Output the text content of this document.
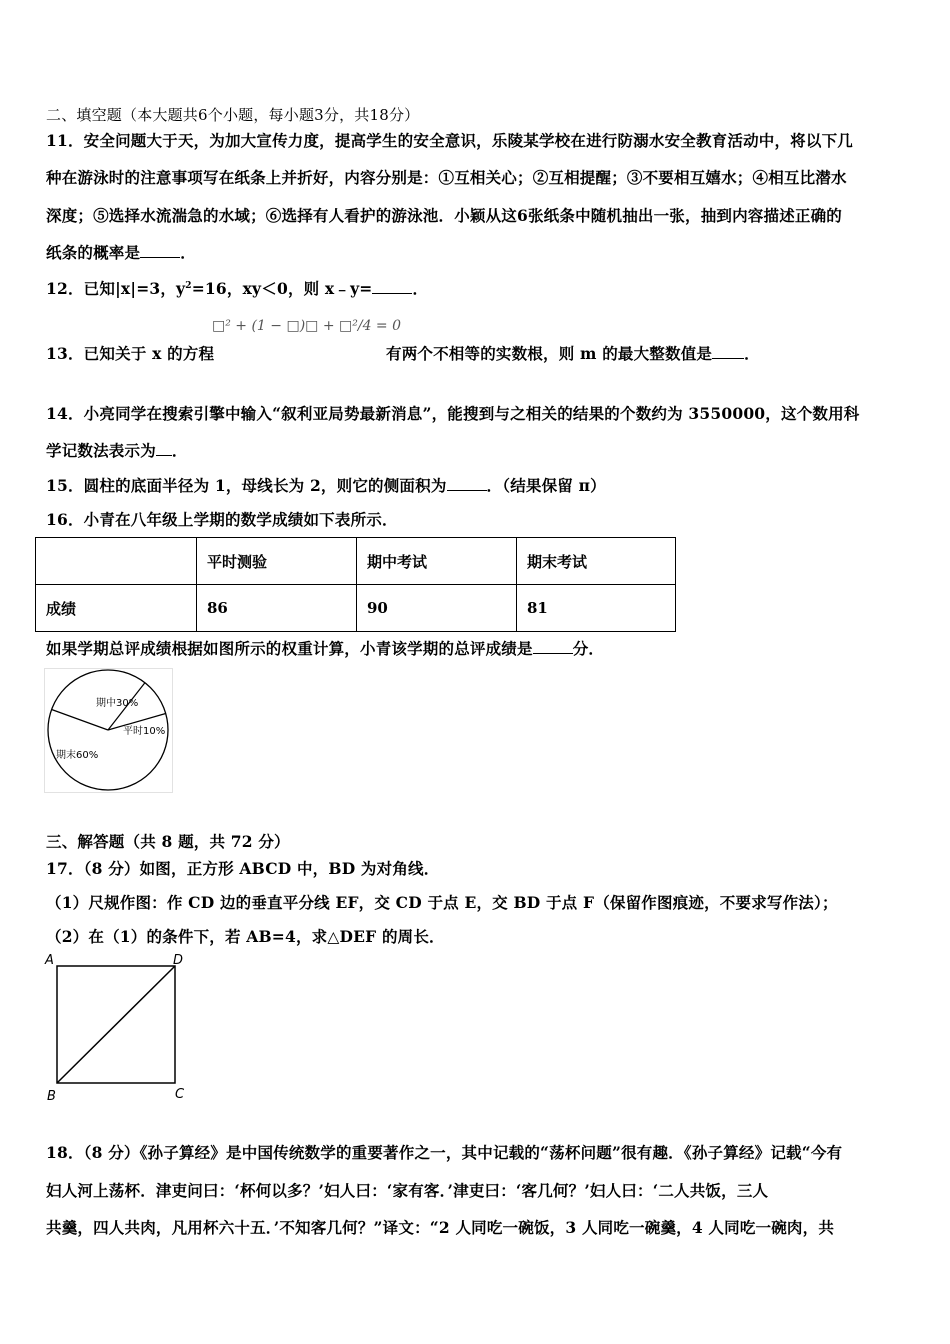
二、填空题（本大题共6个小题，每小题3分，共18分）
11．安全问题大于天，为加大宣传力度，提高学生的安全意识，乐陵某学校在进行防溺水安全教育活动中，将以下几
种在游泳时的注意事项写在纸条上并折好，内容分别是：①互相关心；②互相提醒；③不要相互嬉水；④相互比潜水
深度；⑤选择水流湍急的水域；⑥选择有人看护的游泳池．小颖从这6张纸条中随机抽出一张，抽到内容描述正确的
纸条的概率是	．
12．已知|x|=3，$y^2=16$，xy＜0，则 x﹣y=	．
13．已知关于 x 的方程
□² + (1 − □)□ + □²/4 = 0
有两个不相等的实数根，则 m 的最大整数值是 ．
14．小亮同学在搜索引擎中输入“叙利亚局势最新消息”，能搜到与之相关的结果的个数约为 3550000，这个数用科
学记数法表示为 ．
15．圆柱的底面半径为 1，母线长为 2，则它的侧面积为	．（结果保留 π）
16．小青在八年级上学期的数学成绩如下表所示．
	平时测验	期中考试	期末考试
成绩	86	90	81
如果学期总评成绩根据如图所示的权重计算，小青该学期的总评成绩是	分．
期中30%
平时10%
期末60%
三、解答题（共 8 题，共 72 分）
17．（8 分）如图，正方形 ABCD 中，BD 为对角线．
（1）尺规作图：作 CD 边的垂直平分线 EF，交 CD 于点 E，交 BD 于点 F（保留作图痕迹，不要求写作法）；
（2）在（1）的条件下，若 AB=4，求△DEF 的周长．
A	D
B	C
18．（8 分）《孙子算经》是中国传统数学的重要著作之一，其中记载的“荡杯问题”很有趣．《孙子算经》记载“今有
妇人河上荡杯．津吏问曰：‘杯何以多？’妇人曰：‘家有客．’津吏曰：‘客几何？’妇人曰：‘二人共饭，三人
共羹，四人共肉，凡用杯六十五．’不知客几何？”译文：“2 人同吃一碗饭，3 人同吃一碗羹，4 人同吃一碗肉，共
